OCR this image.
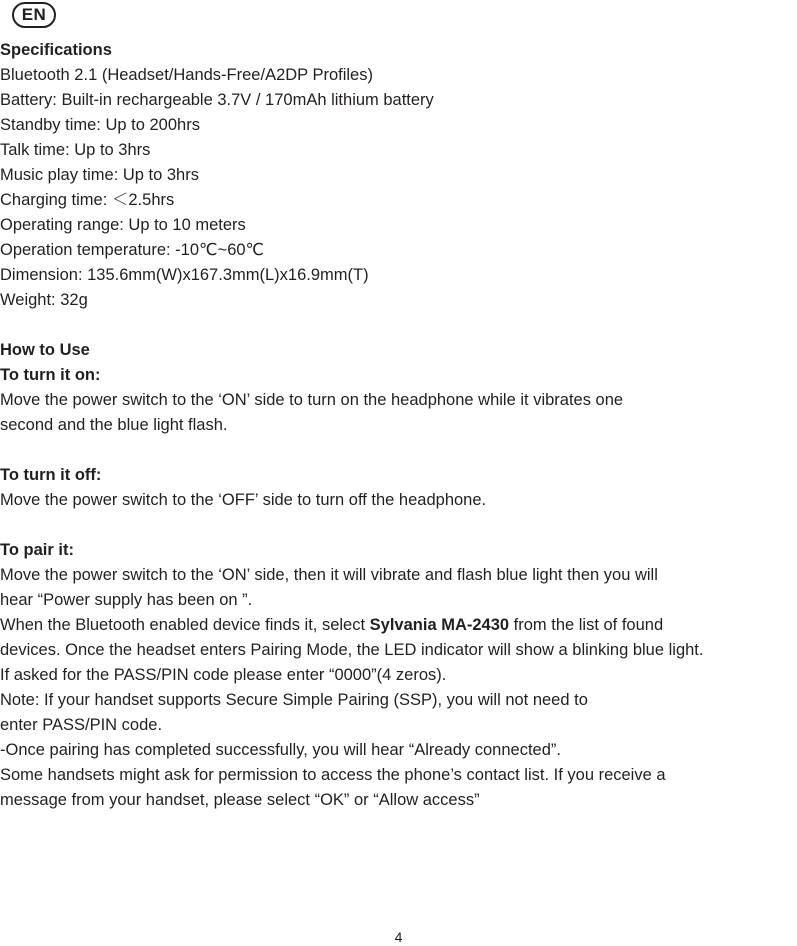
EN
Specifications
Bluetooth 2.1 (Headset/Hands-Free/A2DP Profiles)
Battery: Built-in rechargeable 3.7V / 170mAh lithium battery
Standby time: Up to 200hrs
Talk time: Up to 3hrs
Music play time: Up to 3hrs
Charging time: ＜2.5hrs
Operating range: Up to 10 meters
Operation temperature: -10℃~60℃
Dimension: 135.6mm(W)x167.3mm(L)x16.9mm(T)
Weight: 32g
How to Use
To turn it on:
Move the power switch to the ‘ON’ side to turn on the headphone while it vibrates one
second and the blue light flash.
To turn it off:
Move the power switch to the ‘OFF’ side to turn off the headphone.
To pair it:
Move the power switch to the ‘ON’ side, then it will vibrate and flash blue light then you will
hear “Power supply has been on ”.
When the Bluetooth enabled device finds it, select Sylvania MA-2430 from the list of found
devices. Once the headset enters Pairing Mode, the LED indicator will show a blinking blue light.
If asked for the PASS/PIN code please enter “0000”(4 zeros).
Note: If your handset supports Secure Simple Pairing (SSP), you will not need to
enter PASS/PIN code.
-Once pairing has completed successfully, you will hear “Already connected”.
Some handsets might ask for permission to access the phone’s contact list. If you receive a
message from your handset, please select “OK” or “Allow access”
4
